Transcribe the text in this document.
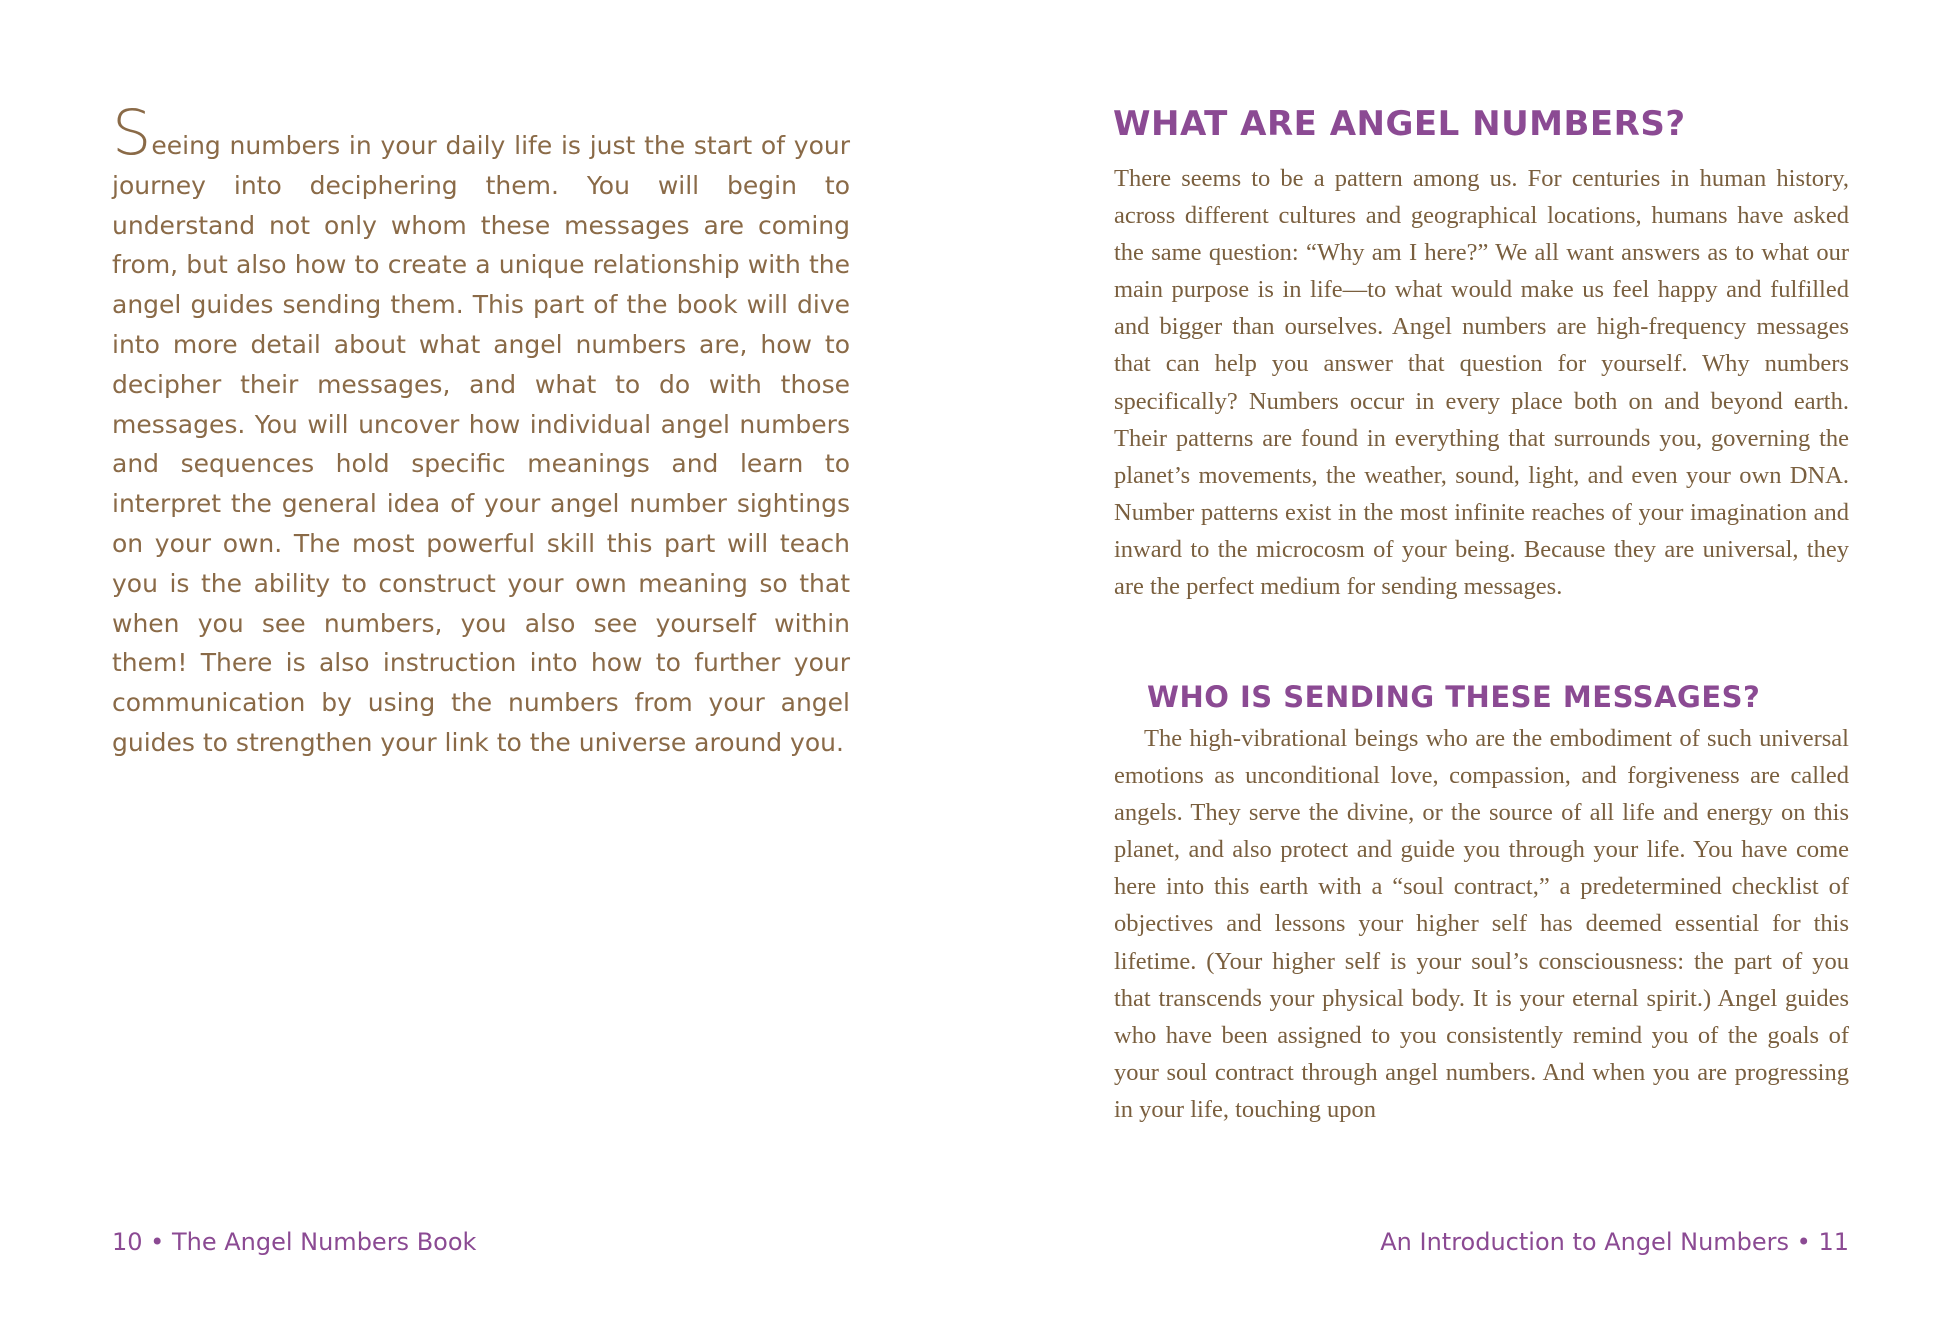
Seeing numbers in your daily life is just the start of your journey into deciphering them. You will begin to understand not only whom these messages are coming from, but also how to create a unique relationship with the angel guides sending them. This part of the book will dive into more detail about what angel numbers are, how to decipher their messages, and what to do with those messages. You will uncover how individual angel numbers and sequences hold specific meanings and learn to interpret the general idea of your angel number sightings on your own. The most powerful skill this part will teach you is the ability to construct your own meaning so that when you see numbers, you also see yourself within them! There is also instruction into how to further your communication by using the numbers from your angel guides to strengthen your link to the universe around you.

10 • The Angel Numbers Book
WHAT ARE ANGEL NUMBERS?

There seems to be a pattern among us. For centuries in human history, across different cultures and geographical locations, humans have asked the same question: “Why am I here?” We all want answers as to what our main purpose is in life—to what would make us feel happy and fulfilled and bigger than ourselves. Angel numbers are high-frequency messages that can help you answer that question for yourself. Why numbers specifically? Numbers occur in every place both on and beyond earth. Their patterns are found in everything that surrounds you, governing the planet’s movements, the weather, sound, light, and even your own DNA. Number patterns exist in the most infinite reaches of your imagination and inward to the microcosm of your being. Because they are universal, they are the perfect medium for sending messages.

WHO IS SENDING THESE MESSAGES?

The high-vibrational beings who are the embodiment of such universal emotions as unconditional love, compassion, and forgiveness are called angels. They serve the divine, or the source of all life and energy on this planet, and also protect and guide you through your life. You have come here into this earth with a “soul contract,” a predetermined checklist of objectives and lessons your higher self has deemed essential for this lifetime. (Your higher self is your soul’s consciousness: the part of you that transcends your physical body. It is your eternal spirit.) Angel guides who have been assigned to you consistently remind you of the goals of your soul contract through angel numbers. And when you are progressing in your life, touching upon

An Introduction to Angel Numbers • 11
